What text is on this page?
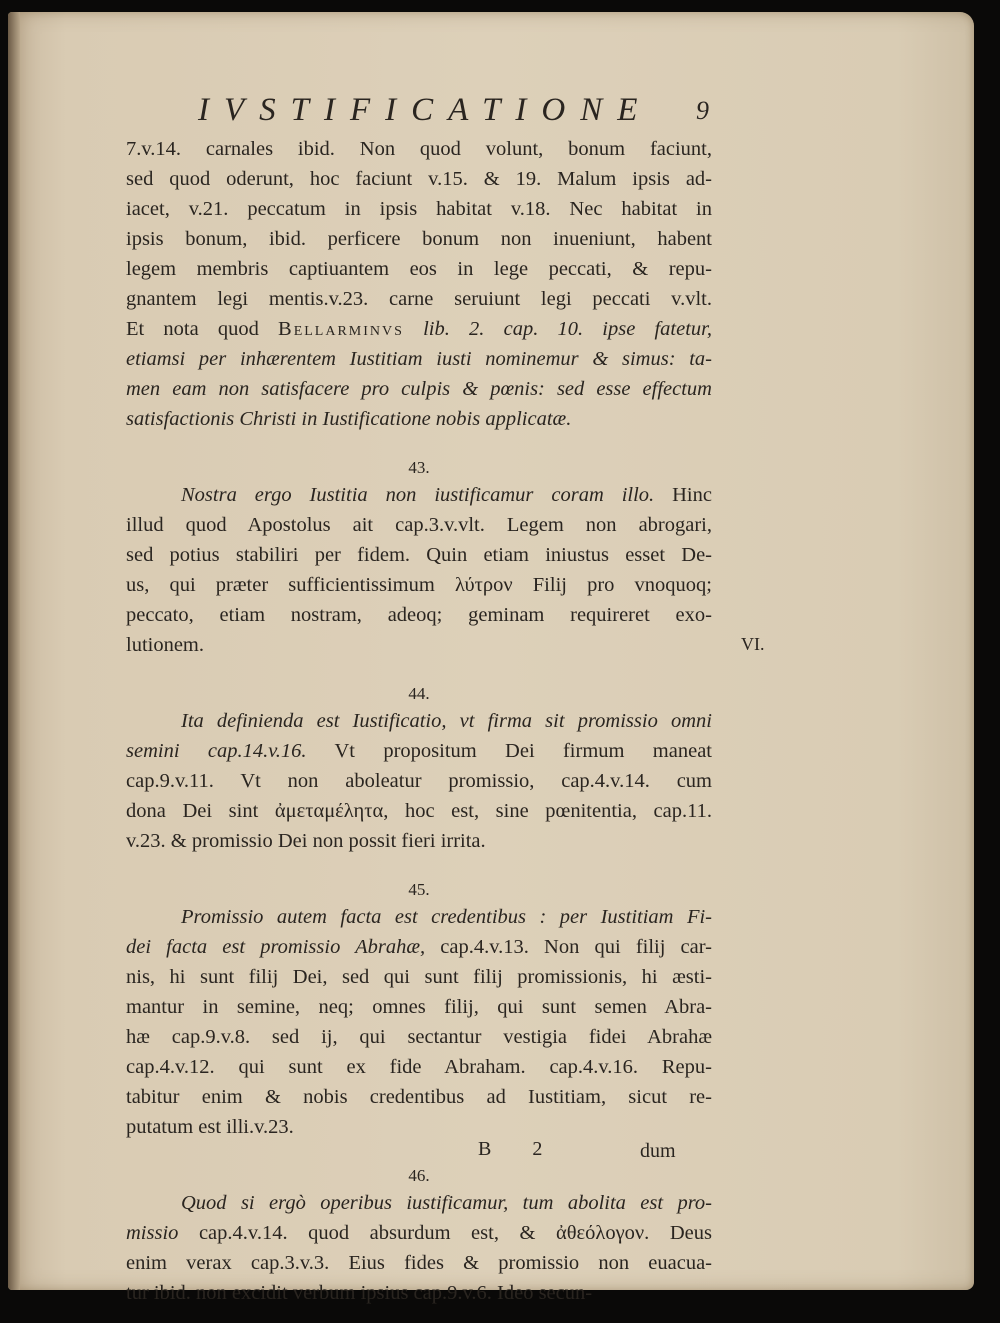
IVSTIFICATIONE	9
7.v.14. carnales ibid. Non quod volunt, bonum faciunt,
sed quod oderunt, hoc faciunt v.15. & 19. Malum ipsis ad-
iacet, v.21. peccatum in ipsis habitat v.18. Nec habitat in
ipsis bonum, ibid. perficere bonum non inueniunt, habent
legem membris captiuantem eos in lege peccati, & repu-
gnantem legi mentis.v.23. carne seruiunt legi peccati v.vlt.
Et nota quod Bellarminvs lib. 2. cap. 10. ipse fatetur,
etiamsi per inhærentem Iustitiam iusti nominemur & simus: ta-
men eam non satisfacere pro culpis & pœnis: sed esse effectum
satisfactionis Christi in Iustificatione nobis applicatæ.
43.
Nostra ergo Iustitia non iustificamur coram illo. Hinc
illud quod Apostolus ait cap.3.v.vlt. Legem non abrogari,
sed potius stabiliri per fidem. Quin etiam iniustus esset De-
us, qui præter sufficientissimum λύτρον Filij pro vnoquoq;
peccato, etiam nostram, adeoq; geminam requireret exo-
lutionem.
44.
Ita definienda est Iustificatio, vt firma sit promissio omni
semini cap.14.v.16. Vt propositum Dei firmum maneat
cap.9.v.11. Vt non aboleatur promissio, cap.4.v.14. cum
dona Dei sint ἀμεταμέλητα, hoc est, sine pœnitentia, cap.11.
v.23. & promissio Dei non possit fieri irrita.
45.
Promissio autem facta est credentibus : per Iustitiam Fi-
dei facta est promissio Abrahæ, cap.4.v.13. Non qui filij car-
nis, hi sunt filij Dei, sed qui sunt filij promissionis, hi æsti-
mantur in semine, neq; omnes filij, qui sunt semen Abra-
hæ cap.9.v.8. sed ij, qui sectantur vestigia fidei Abrahæ
cap.4.v.12. qui sunt ex fide Abraham. cap.4.v.16. Repu-
tabitur enim & nobis credentibus ad Iustitiam, sicut re-
putatum est illi.v.23.
46.
Quod si ergò operibus iustificamur, tum abolita est pro-
missio cap.4.v.14. quod absurdum est, & ἀθεόλογον. Deus
enim verax cap.3.v.3. Eius fides & promissio non euacua-
tur ibid. non excidit verbum ipsius cap.9.v.6. Ideo secun-
VI.
B 2	dum
